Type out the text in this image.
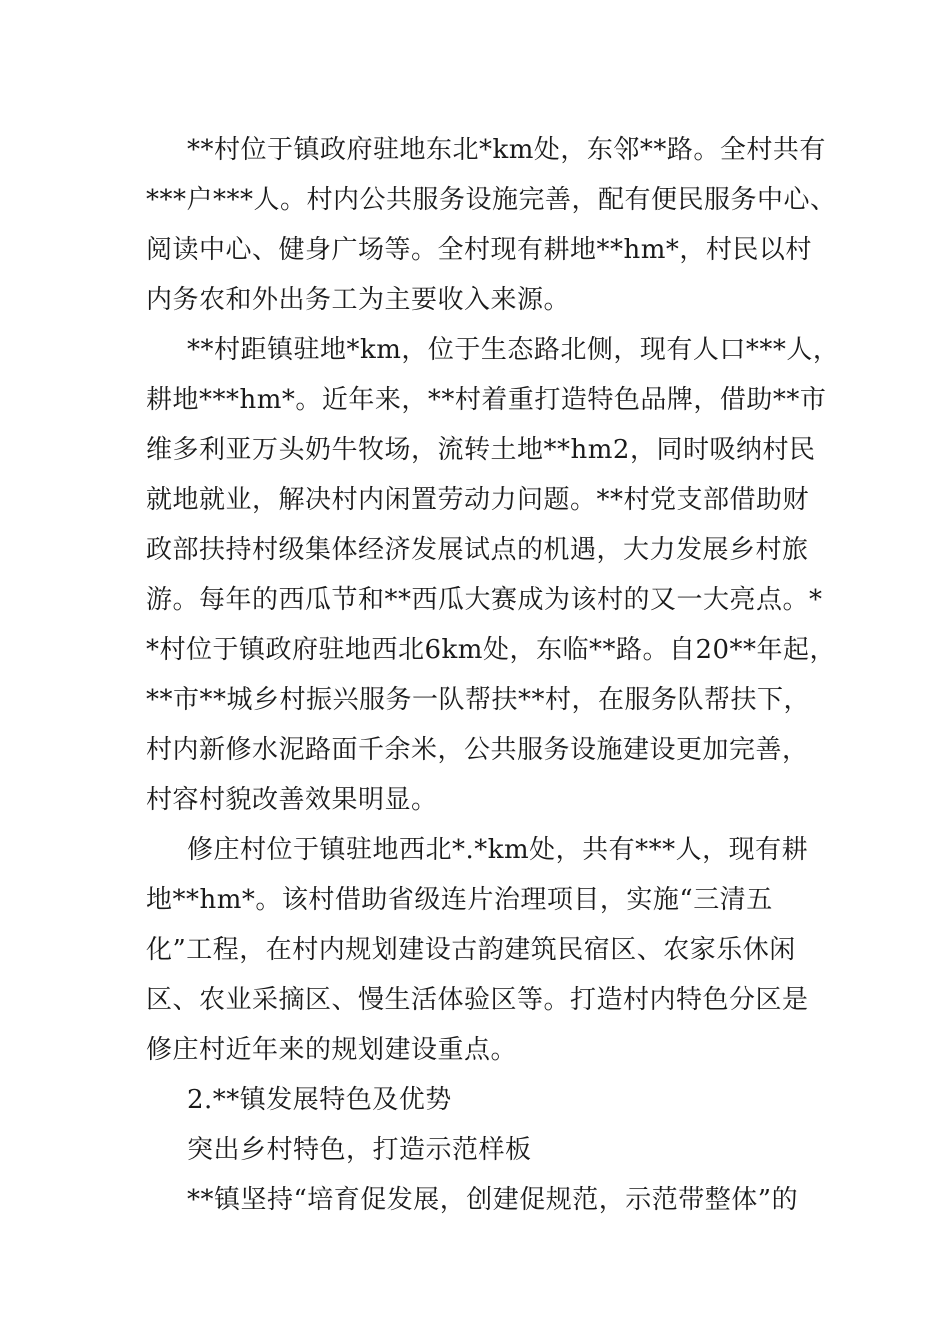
**村位于镇政府驻地东北*km处，东邻**路。全村共有

***户***人。村内公共服务设施完善，配有便民服务中心、

阅读中心、健身广场等。全村现有耕地**hm*，村民以村

内务农和外出务工为主要收入来源。

**村距镇驻地*km，位于生态路北侧，现有人口***人，

耕地***hm*。近年来，**村着重打造特色品牌，借助**市

维多利亚万头奶牛牧场，流转土地**hm2，同时吸纳村民

就地就业，解决村内闲置劳动力问题。**村党支部借助财

政部扶持村级集体经济发展试点的机遇，大力发展乡村旅

游。每年的西瓜节和**西瓜大赛成为该村的又一大亮点。*

*村位于镇政府驻地西北6km处，东临**路。自20**年起，

**市**城乡村振兴服务一队帮扶**村，在服务队帮扶下，

村内新修水泥路面千余米，公共服务设施建设更加完善，

村容村貌改善效果明显。

修庄村位于镇驻地西北*.*km处，共有***人，现有耕

地**hm*。该村借助省级连片治理项目，实施“三清五

化”工程，在村内规划建设古韵建筑民宿区、农家乐休闲

区、农业采摘区、慢生活体验区等。打造村内特色分区是

修庄村近年来的规划建设重点。

2.**镇发展特色及优势

突出乡村特色，打造示范样板

**镇坚持“培育促发展，创建促规范，示范带整体”的
